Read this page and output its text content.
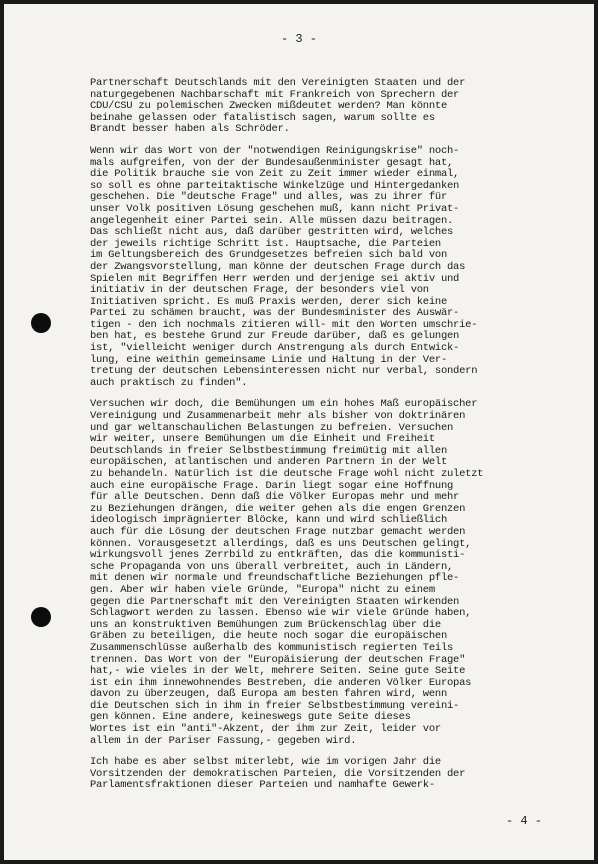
- 3 -

Partnerschaft Deutschlands mit den Vereinigten Staaten und der
naturgegebenen Nachbarschaft mit Frankreich von Sprechern der
CDU/CSU zu polemischen Zwecken mißdeutet werden? Man könnte
beinahe gelassen oder fatalistisch sagen, warum sollte es
Brandt besser haben als Schröder.

Wenn wir das Wort von der "notwendigen Reinigungskrise" noch-
mals aufgreifen, von der der Bundesaußenminister gesagt hat,
die Politik brauche sie von Zeit zu Zeit immer wieder einmal,
so soll es ohne parteitaktische Winkelzüge und Hintergedanken
geschehen. Die "deutsche Frage" und alles, was zu ihrer für
unser Volk positiven Lösung geschehen muß, kann nicht Privat-
angelegenheit einer Partei sein. Alle müssen dazu beitragen.
Das schließt nicht aus, daß darüber gestritten wird, welches
der jeweils richtige Schritt ist. Hauptsache, die Parteien
im Geltungsbereich des Grundgesetzes befreien sich bald von
der Zwangsvorstellung, man könne der deutschen Frage durch das
Spielen mit Begriffen Herr werden und derjenige sei aktiv und
initiativ in der deutschen Frage, der besonders viel von
Initiativen spricht. Es muß Praxis werden, derer sich keine
Partei zu schämen braucht, was der Bundesminister des Auswär-
tigen - den ich nochmals zitieren will- mit den Worten umschrie-
ben hat, es bestehe Grund zur Freude darüber, daß es gelungen
ist, "vielleicht weniger durch Anstrengung als durch Entwick-
lung, eine weithin gemeinsame Linie und Haltung in der Ver-
tretung der deutschen Lebensinteressen nicht nur verbal, sondern
auch praktisch zu finden".

Versuchen wir doch, die Bemühungen um ein hohes Maß europäischer
Vereinigung und Zusammenarbeit mehr als bisher von doktrinären
und gar weltanschaulichen Belastungen zu befreien. Versuchen
wir weiter, unsere Bemühungen um die Einheit und Freiheit
Deutschlands in freier Selbstbestimmung freimütig mit allen
europäischen, atlantischen und anderen Partnern in der Welt
zu behandeln. Natürlich ist die deutsche Frage wohl nicht zuletzt
auch eine europäische Frage. Darin liegt sogar eine Hoffnung
für alle Deutschen. Denn daß die Völker Europas mehr und mehr
zu Beziehungen drängen, die weiter gehen als die engen Grenzen
ideologisch imprägnierter Blöcke, kann und wird schließlich
auch für die Lösung der deutschen Frage nutzbar gemacht werden
können. Vorausgesetzt allerdings, daß es uns Deutschen gelingt,
wirkungsvoll jenes Zerrbild zu entkräften, das die kommunisti-
sche Propaganda von uns überall verbreitet, auch in Ländern,
mit denen wir normale und freundschaftliche Beziehungen pfle-
gen. Aber wir haben viele Gründe, "Europa" nicht zu einem
gegen die Partnerschaft mit den Vereinigten Staaten wirkenden
Schlagwort werden zu lassen. Ebenso wie wir viele Gründe haben,
uns an konstruktiven Bemühungen zum Brückenschlag über die
Gräben zu beteiligen, die heute noch sogar die europäischen
Zusammenschlüsse außerhalb des kommunistisch regierten Teils
trennen. Das Wort von der "Europäisierung der deutschen Frage"
hat,- wie vieles in der Welt, mehrere Seiten. Seine gute Seite
ist ein ihm innewohnendes Bestreben, die anderen Völker Europas
davon zu überzeugen, daß Europa am besten fahren wird, wenn
die Deutschen sich in ihm in freier Selbstbestimmung vereini-
gen können. Eine andere, keineswegs gute Seite dieses
Wortes ist ein "anti"-Akzent, der ihm zur Zeit, leider vor
allem in der Pariser Fassung,- gegeben wird.

Ich habe es aber selbst miterlebt, wie im vorigen Jahr die
Vorsitzenden der demokratischen Parteien, die Vorsitzenden der
Parlamentsfraktionen dieser Parteien und namhafte Gewerk-

- 4 -
